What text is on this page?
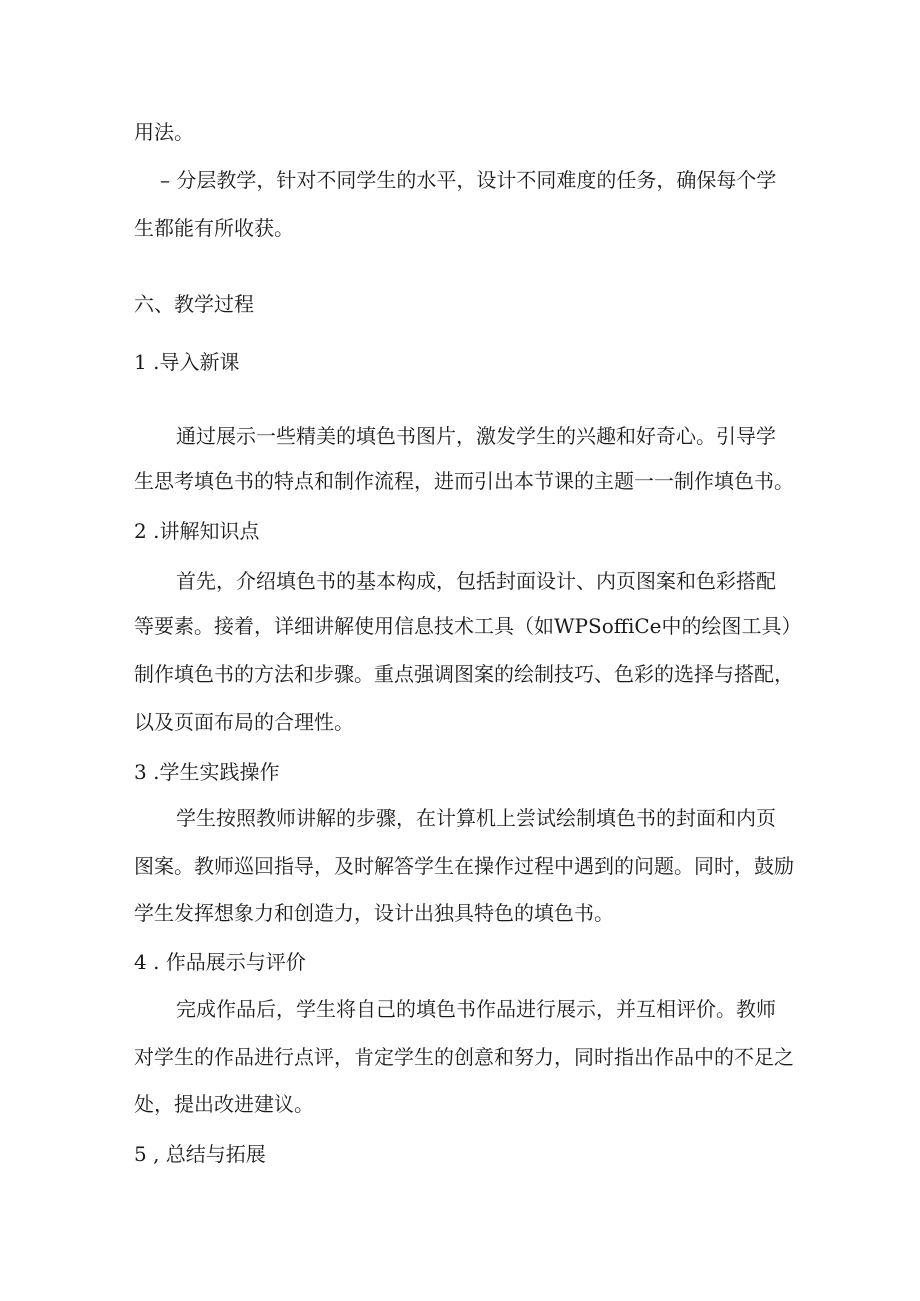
用法。
– 分层教学，针对不同学生的水平，设计不同难度的任务，确保每个学
生都能有所收获。
六、教学过程
1 .导入新课
通过展示一些精美的填色书图片，激发学生的兴趣和好奇心。引导学
生思考填色书的特点和制作流程，进而引出本节课的主题一一制作填色书。
2 .讲解知识点
首先，介绍填色书的基本构成，包括封面设计、内页图案和色彩搭配
等要素。接着，详细讲解使用信息技术工具（如WPSoffiCe中的绘图工具）
制作填色书的方法和步骤。重点强调图案的绘制技巧、色彩的选择与搭配，
以及页面布局的合理性。
3 .学生实践操作
学生按照教师讲解的步骤，在计算机上尝试绘制填色书的封面和内页
图案。教师巡回指导，及时解答学生在操作过程中遇到的问题。同时，鼓励
学生发挥想象力和创造力，设计出独具特色的填色书。
4 . 作品展示与评价
完成作品后，学生将自己的填色书作品进行展示，并互相评价。教师
对学生的作品进行点评，肯定学生的创意和努力，同时指出作品中的不足之
处，提出改进建议。
5 , 总结与拓展
